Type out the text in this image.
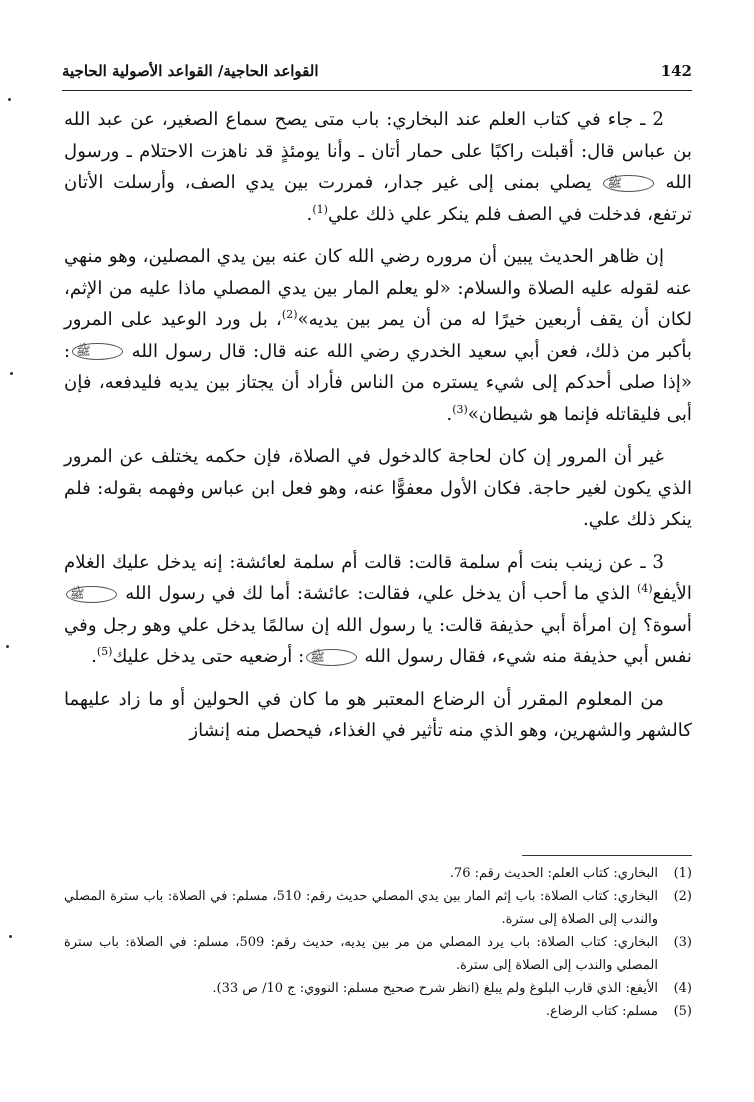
142
القواعد الحاجية/ القواعد الأصولية الحاجية

2 ـ جاء في كتاب العلم عند البخاري: باب متى يصح سماع الصغير، عن عبد الله بن عباس قال: أقبلت راكبًا على حمار أتان ـ وأنا يومئذٍ قد ناهزت الاحتلام ـ ورسول الله ﷺ يصلي بمنى إلى غير جدار، فمررت بين يدي الصف، وأرسلت الأتان ترتفع، فدخلت في الصف فلم ينكر علي ذلك علي$^{(1)}$.

إن ظاهر الحديث يبين أن مروره رضي الله كان عنه بين يدي المصلين، وهو منهي عنه لقوله عليه الصلاة والسلام: «لو يعلم المار بين يدي المصلي ماذا عليه من الإثم، لكان أن يقف أربعين خيرًا له من أن يمر بين يديه»$^{(2)}$، بل ورد الوعيد على المرور بأكبر من ذلك، فعن أبي سعيد الخدري رضي الله عنه قال: قال رسول الله ﷺ: «إذا صلى أحدكم إلى شيء يستره من الناس فأراد أن يجتاز بين يديه فليدفعه، فإن أبى فليقاتله فإنما هو شيطان»$^{(3)}$.

غير أن المرور إن كان لحاجة كالدخول في الصلاة، فإن حكمه يختلف عن المرور الذي يكون لغير حاجة. فكان الأول معفوًّا عنه، وهو فعل ابن عباس وفهمه بقوله: فلم ينكر ذلك علي.

3 ـ عن زينب بنت أم سلمة قالت: قالت أم سلمة لعائشة: إنه يدخل عليك الغلام الأيفع$^{(4)}$ الذي ما أحب أن يدخل علي، فقالت: عائشة: أما لك في رسول الله ﷺ أسوة؟ إن امرأة أبي حذيفة قالت: يا رسول الله إن سالمًا يدخل علي وهو رجل وفي نفس أبي حذيفة منه شيء، فقال رسول الله ﷺ: أرضعيه حتى يدخل عليك$^{(5)}$.

من المعلوم المقرر أن الرضاع المعتبر هو ما كان في الحولين أو ما زاد عليهما كالشهر والشهرين، وهو الذي منه تأثير في الغذاء، فيحصل منه إنشاز

(1)
البخاري: كتاب العلم: الحديث رقم: 76.
(2)
البخاري: كتاب الصلاة: باب إثم المار بين يدي المصلي حديث رقم: 510، مسلم: في الصلاة: باب سترة المصلي والندب إلى الصلاة إلى سترة.
(3)
البخاري: كتاب الصلاة: باب يرد المصلي من مر بين يديه، حديث رقم: 509، مسلم: في الصلاة: باب سترة المصلي والندب إلى الصلاة إلى سترة.
(4)
الأيفع: الذي قارب البلوغ ولم يبلغ (انظر شرح صحيح مسلم: النووي: ج 10/ ص 33).
(5)
مسلم: كتاب الرضاع.
